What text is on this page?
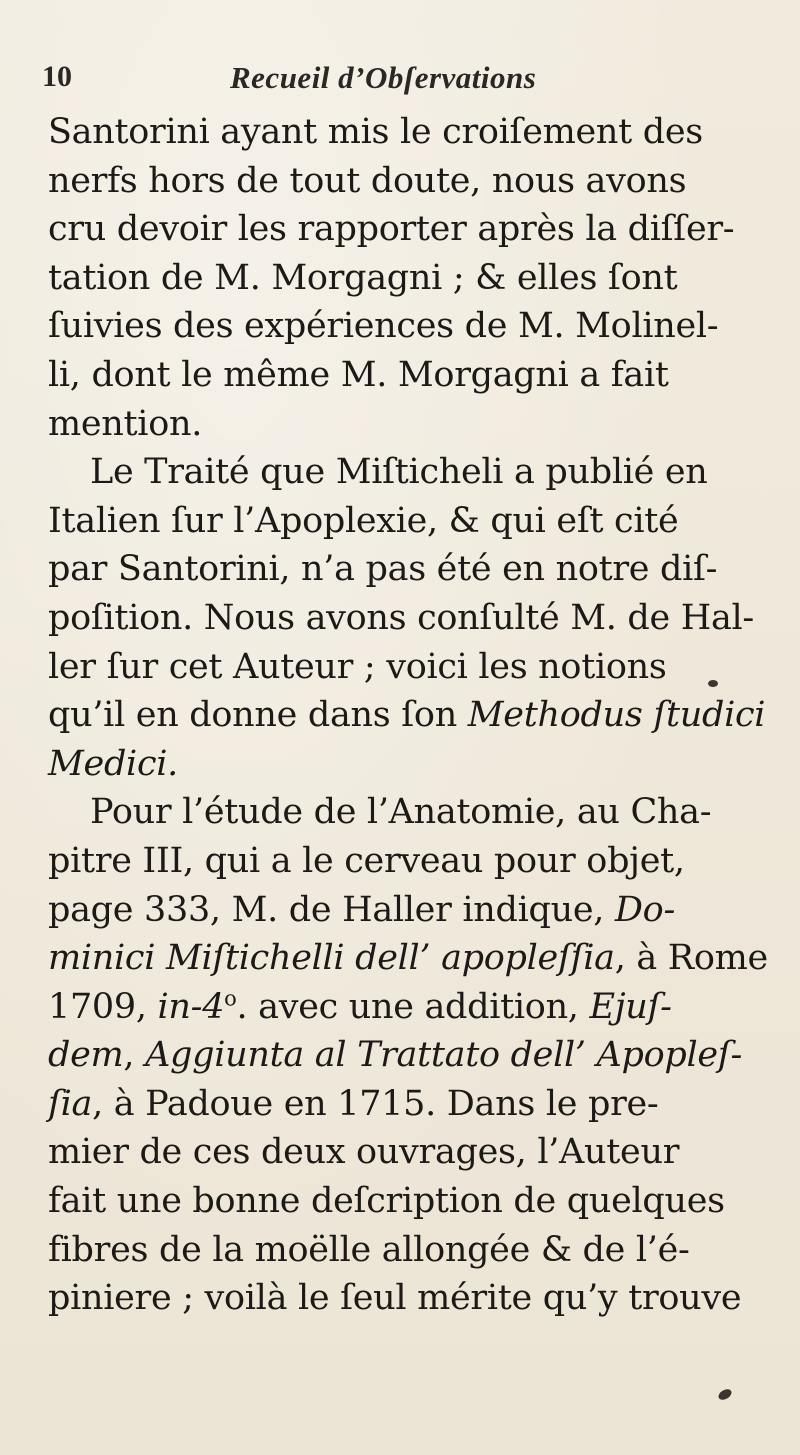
10	Recueil d’Obſervations
Santorini ayant mis le croiſement des
nerfs hors de tout doute, nous avons
cru devoir les rapporter après la diſſer-
tation de M. Morgagni ; & elles ſont
ſuivies des expériences de M. Molinel-
li, dont le même M. Morgagni a fait
mention.
Le Traité que Miſticheli a publié en
Italien ſur l’Apoplexie, & qui eſt cité
par Santorini, n’a pas été en notre diſ-
poſition. Nous avons conſulté M. de Hal-
ler ſur cet Auteur ; voici les notions
qu’il en donne dans ſon Methodus ſtudici
Medici.
Pour l’étude de l’Anatomie, au Cha-
pitre III, qui a le cerveau pour objet,
page 333, M. de Haller indique, Do-
minici Miſtichelli dell’ apopleſſia, à Rome
1709, in-4$^o$. avec une addition, Ejuſ-
dem, Aggiunta al Trattato dell’ Apopleſ-
ſia, à Padoue en 1715. Dans le pre-
mier de ces deux ouvrages, l’Auteur
fait une bonne deſcription de quelques
fibres de la moëlle allongée & de l’é-
piniere ; voilà le ſeul mérite qu’y trouve
